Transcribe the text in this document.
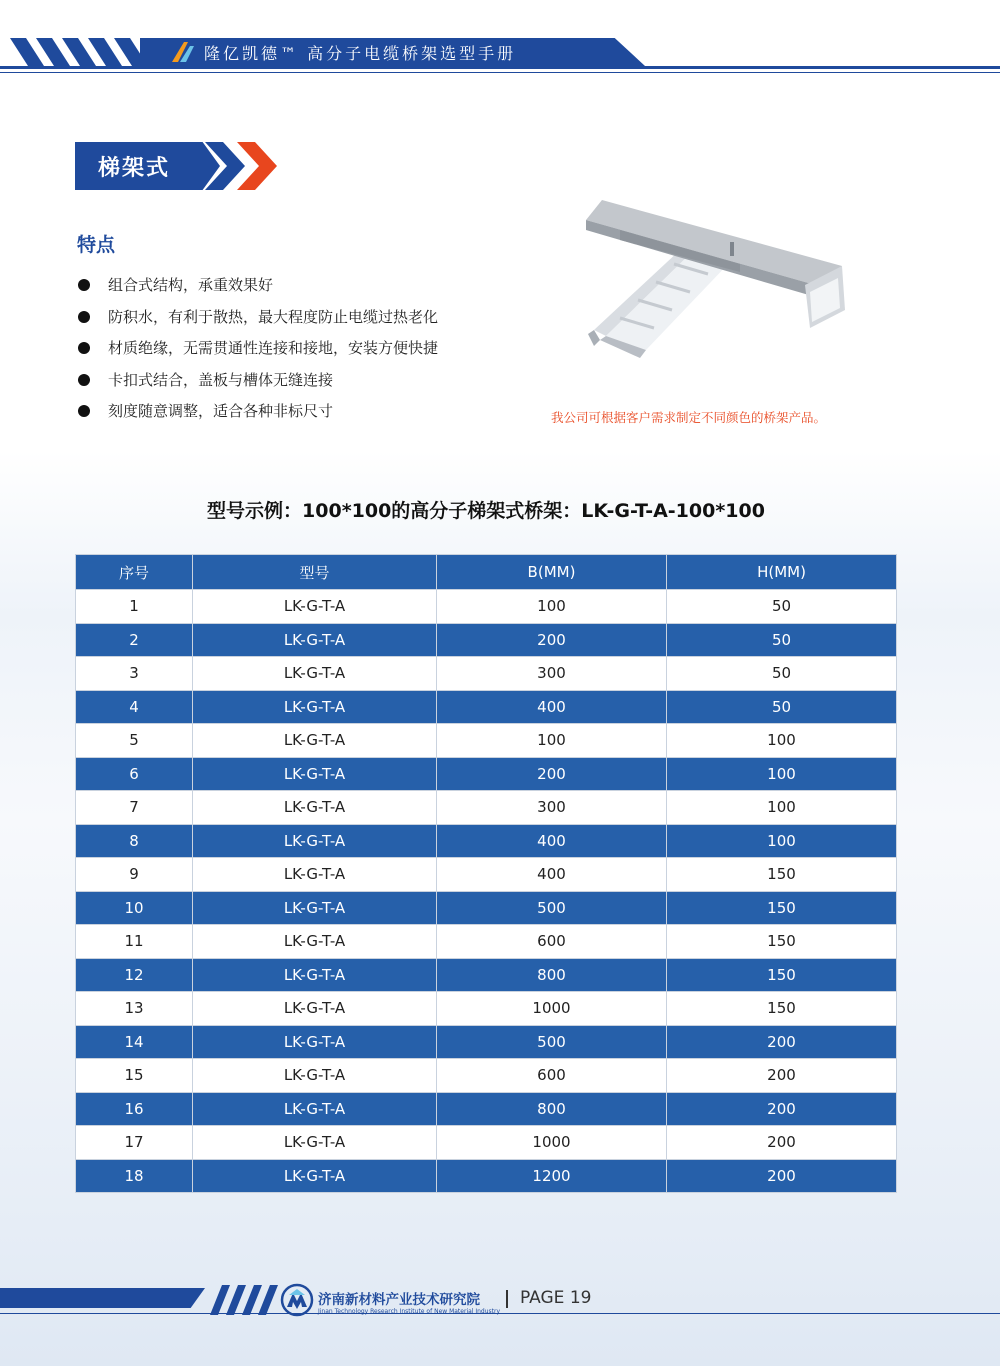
隆亿凯德™ 高分子电缆桥架选型手册
梯架式
特点
组合式结构，承重效果好
防积水，有利于散热，最大程度防止电缆过热老化
材质绝缘，无需贯通性连接和接地，安装方便快捷
卡扣式结合，盖板与槽体无缝连接
刻度随意调整，适合各种非标尺寸	我公司可根据客户需求制定不同颜色的桥架产品。
型号示例：100*100的高分子梯架式桥架：LK-G-T-A-100*100
序号	型号	B(MM)	H(MM)
1	LK-G-T-A	100	50
2	LK-G-T-A	200	50
3	LK-G-T-A	300	50
4	LK-G-T-A	400	50
5	LK-G-T-A	100	100
6	LK-G-T-A	200	100
7	LK-G-T-A	300	100
8	LK-G-T-A	400	100
9	LK-G-T-A	400	150
10	LK-G-T-A	500	150
11	LK-G-T-A	600	150
12	LK-G-T-A	800	150
13	LK-G-T-A	1000	150
14	LK-G-T-A	500	200
15	LK-G-T-A	600	200
16	LK-G-T-A	800	200
17	LK-G-T-A	1000	200
18	LK-G-T-A	1200	200
济南新材料产业技术研究院
Jinan Technology Research Institute of New Material Industry
PAGE 19
